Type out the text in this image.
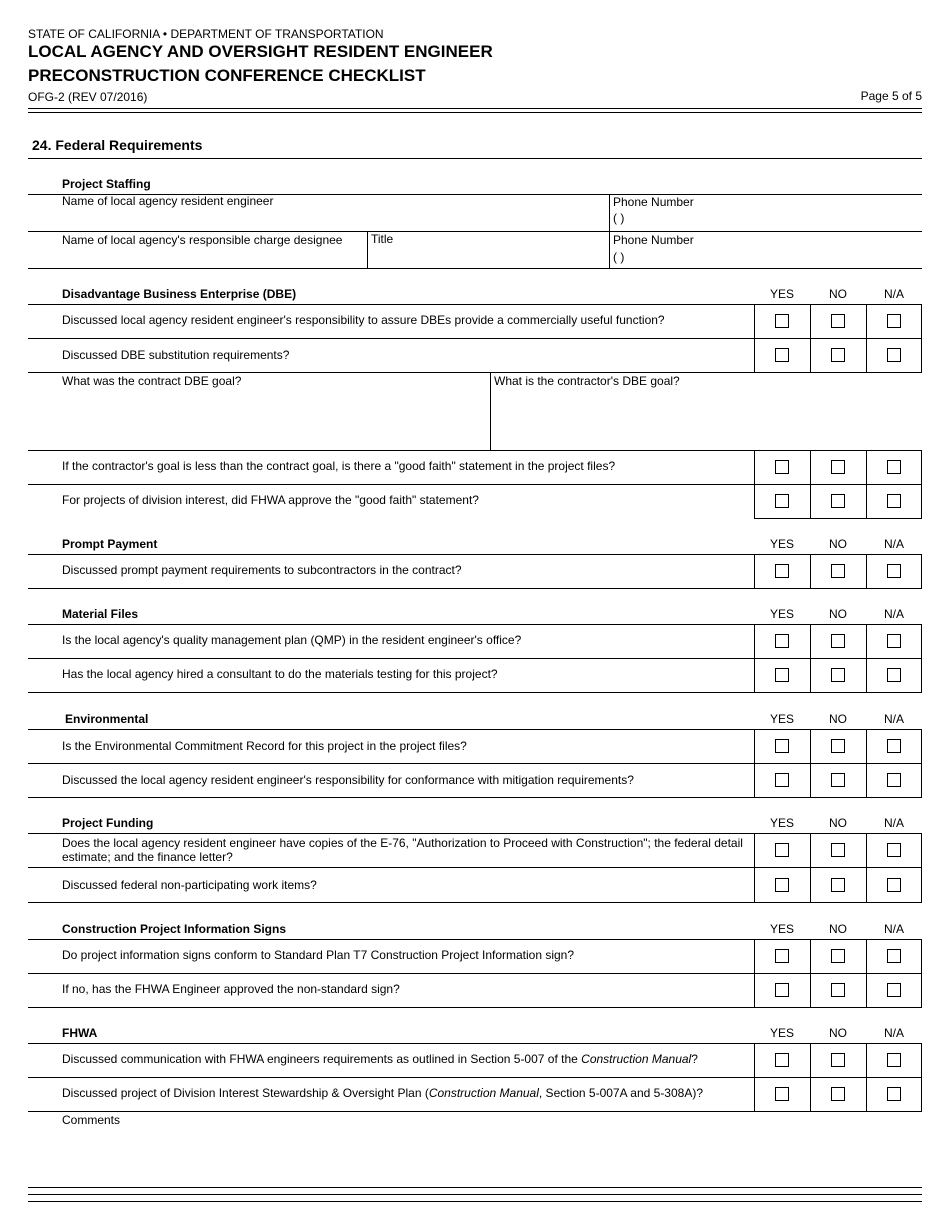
STATE OF CALIFORNIA • DEPARTMENT OF TRANSPORTATION
LOCAL AGENCY AND OVERSIGHT RESIDENT ENGINEER
PRECONSTRUCTION CONFERENCE CHECKLIST
OFG-2 (REV 07/2016)	Page 5 of 5
24. Federal Requirements
Project Staffing
Name of local agency resident engineer	Phone Number
( )
Name of local agency's responsible charge designee Title	Phone Number
( )
Disadvantage Business Enterprise (DBE)	YES	NO	N/A
Discussed local agency resident engineer's responsibility to assure DBEs provide a commercially useful function?
Discussed DBE substitution requirements?
What was the contract DBE goal?	What is the contractor's DBE goal?
If the contractor's goal is less than the contract goal, is there a "good faith" statement in the project files?
For projects of division interest, did FHWA approve the "good faith" statement?
Prompt Payment	YES	NO	N/A
Discussed prompt payment requirements to subcontractors in the contract?
Material Files	YES	NO	N/A
Is the local agency's quality management plan (QMP) in the resident engineer's office?
Has the local agency hired a consultant to do the materials testing for this project?
Environmental	YES	NO	N/A
Is the Environmental Commitment Record for this project in the project files?
Discussed the local agency resident engineer's responsibility for conformance with mitigation requirements?
Project Funding	YES	NO	N/A
Does the local agency resident engineer have copies of the E-76, "Authorization to Proceed with Construction"; the federal detail estimate; and the finance letter?
Discussed federal non-participating work items?
Construction Project Information Signs	YES	NO	N/A
Do project information signs conform to Standard Plan T7 Construction Project Information sign?
If no, has the FHWA Engineer approved the non-standard sign?
FHWA	YES	NO	N/A
Discussed communication with FHWA engineers requirements as outlined in Section 5-007 of the Construction Manual?
Discussed project of Division Interest Stewardship & Oversight Plan (Construction Manual, Section 5-007A and 5-308A)?
Comments
